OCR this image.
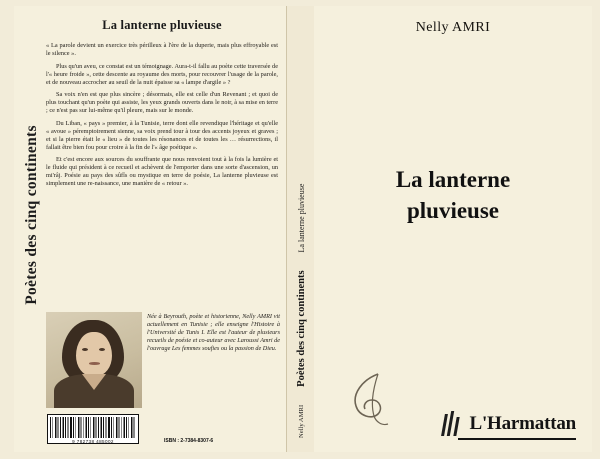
Poètes des cinq continents
La lanterne pluvieuse

« La parole devient un exercice très périlleux à l'ère de la duperie, mais plus effroyable est le silence ».

Plus qu'un aveu, ce constat est un témoignage. Aura-t-il fallu au poète cette traversée de l'« heure froide », cette descente au royaume des morts, pour recouvrer l'usage de la parole, et de nouveau accrocher au seuil de la nuit épaisse sa « lampe d'argile » ?

Sa voix n'en est que plus sincère ; désormais, elle est celle d'un Revenant ; et quoi de plus touchant qu'un poète qui assiste, les yeux grands ouverts dans le noir, à sa mise en terre ; ce n'est pas sur lui-même qu'il pleure, mais sur le monde.

Du Liban, « pays » premier, à la Tunisie, terre dont elle revendique l'héritage et qu'elle « avoue » péremptoirement sienne, sa voix prend tour à tour des accents joyeux et graves ; et si la pierre était le « lieu » de toutes les résonances et de toutes les … résurrections, il fallait être bien fou pour croire à la fin de l'« âge poétique ».

Et c'est encore aux sources du souffrante que nous renvoient tout à la fois la lumière et le fluide qui président à ce recueil et achèvent de l'emporter dans une sorte d'ascension, un mi'râj. Poésie au pays des sûfîs ou mystique en terre de poésie, La lanterne pluvieuse est simplement une re-naissance, une manière de « retour ».

Née à Beyrouth, poète et historienne, Nelly AMRI vit actuellement en Tunisie ; elle enseigne l'Histoire à l'Université de Tunis I. Elle est l'auteur de plusieurs recueils de poésie et co-auteur avec Laroussi Amri de l'ouvrage Les femmes soufies ou la passion de Dieu.
9 782738 485002	ISBN : 2-7384-8307-6
Nelly AMRI
Poètes des cinq continents
La lanterne pluvieuse
Nelly AMRI
La lanterne
pluvieuse
L'Harmattan
